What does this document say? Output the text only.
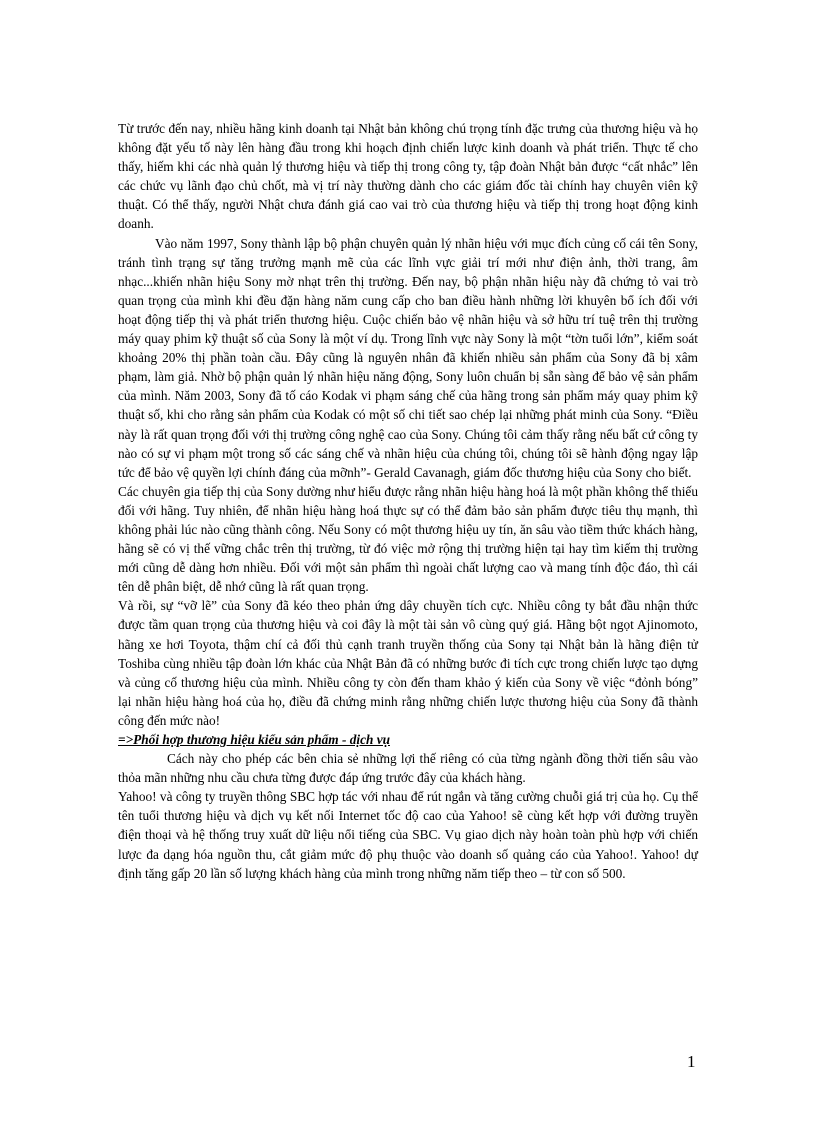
Từ trước đến nay, nhiều hãng kinh doanh tại Nhật bản không chú trọng tính đặc trưng của thương hiệu và họ không đặt yếu tố này lên hàng đầu trong khi hoạch định chiến lược kinh doanh và phát triển. Thực tế cho thấy, hiếm khi các nhà quản lý thương hiệu và tiếp thị trong công ty, tập đoàn Nhật bản được “cất nhắc” lên các chức vụ lãnh đạo chủ chốt, mà vị trí này thường dành cho các giám đốc tài chính hay chuyên viên kỹ thuật. Có thể thấy, người Nhật chưa đánh giá cao vai trò của thương hiệu và tiếp thị trong hoạt động kinh doanh.

Vào năm 1997, Sony thành lập bộ phận chuyên quản lý nhãn hiệu với mục đích củng cố cái tên Sony, tránh tình trạng sự tăng trưởng mạnh mẽ của các lĩnh vực giải trí mới như điện ảnh, thời trang, âm nhạc...khiến nhãn hiệu Sony mờ nhạt trên thị trường. Đến nay, bộ phận nhãn hiệu này đã chứng tỏ vai trò quan trọng của mình khi đều đặn hàng năm cung cấp cho ban điều hành những lời khuyên bổ ích đối với hoạt động tiếp thị và phát triển thương hiệu. Cuộc chiến bảo vệ nhãn hiệu và sở hữu trí tuệ trên thị trường máy quay phim kỹ thuật số của Sony là một ví dụ. Trong lĩnh vực này Sony là một “tờn tuổi lớn”, kiểm soát khoảng 20% thị phần toàn cầu. Đây cũng là nguyên nhân đã khiến nhiều sản phẩm của Sony đã bị xâm phạm, làm giả. Nhờ bộ phận quản lý nhãn hiệu năng động, Sony luôn chuẩn bị sẵn sàng để bảo vệ sản phẩm của mình. Năm 2003, Sony đã tố cáo Kodak vi phạm sáng chế của hãng trong sản phẩm máy quay phim kỹ thuật số, khi cho rằng sản phẩm của Kodak có một số chi tiết sao chép lại những phát minh của Sony. “Điều này là rất quan trọng đối với thị trường công nghệ cao của Sony. Chúng tôi cảm thấy rằng nếu bất cứ công ty nào có sự vi phạm một trong số các sáng chế và nhãn hiệu của chúng tôi, chúng tôi sẽ hành động ngay lập tức để bảo vệ quyền lợi chính đáng của mỡnh”- Gerald Cavanagh, giám đốc thương hiệu của Sony cho biết.

Các chuyên gia tiếp thị của Sony dường như hiểu được rằng nhãn hiệu hàng hoá là một phần không thể thiếu đối với hãng. Tuy nhiên, để nhãn hiệu hàng hoá thực sự có thể đảm bảo sản phẩm được tiêu thụ mạnh, thì không phải lúc nào cũng thành công. Nếu Sony có một thương hiệu uy tín, ăn sâu vào tiềm thức khách hàng, hãng sẽ có vị thế vững chắc trên thị trường, từ đó việc mở rộng thị trường hiện tại hay tìm kiếm thị trường mới cũng dễ dàng hơn nhiều. Đối với một sản phẩm thì ngoài chất lượng cao và mang tính độc đáo, thì cái tên dễ phân biệt, dễ nhớ cũng là rất quan trọng.

Và rồi, sự “vỡ lẽ” của Sony đã kéo theo phản ứng dây chuyền tích cực. Nhiều công ty bắt đầu nhận thức được tầm quan trọng của thương hiệu và coi đây là một tài sản vô cùng quý giá. Hãng bột ngọt Ajinomoto, hãng xe hơi Toyota, thậm chí cả đối thủ cạnh tranh truyền thống của Sony tại Nhật bản là hãng điện tử Toshiba cùng nhiều tập đoàn lớn khác của Nhật Bản đã có những bước đi tích cực trong chiến lược tạo dựng và củng cố thương hiệu của mình. Nhiều công ty còn đến tham khảo ý kiến của Sony về việc “đỏnh bóng” lại nhãn hiệu hàng hoá của họ, điều đã chứng minh rằng những chiến lược thương hiệu của Sony đã thành công đến mức nào!

=>Phối hợp thương hiệu kiểu sản phẩm - dịch vụ

Cách này cho phép các bên chia sẻ những lợi thế riêng có của từng ngành đồng thời tiến sâu vào thỏa mãn những nhu cầu chưa từng được đáp ứng trước đây của khách hàng.

Yahoo! và công ty truyền thông SBC hợp tác với nhau để rút ngắn và tăng cường chuỗi giá trị của họ. Cụ thể tên tuổi thương hiệu và dịch vụ kết nối Internet tốc độ cao của Yahoo! sẽ cùng kết hợp với đường truyền điện thoại và hệ thống truy xuất dữ liệu nổi tiếng của SBC. Vụ giao dịch này hoàn toàn phù hợp với chiến lược đa dạng hóa nguồn thu, cắt giảm mức độ phụ thuộc vào doanh số quảng cáo của Yahoo!. Yahoo! dự định tăng gấp 20 lần số lượng khách hàng của mình trong những năm tiếp theo – từ con số 500.

1
